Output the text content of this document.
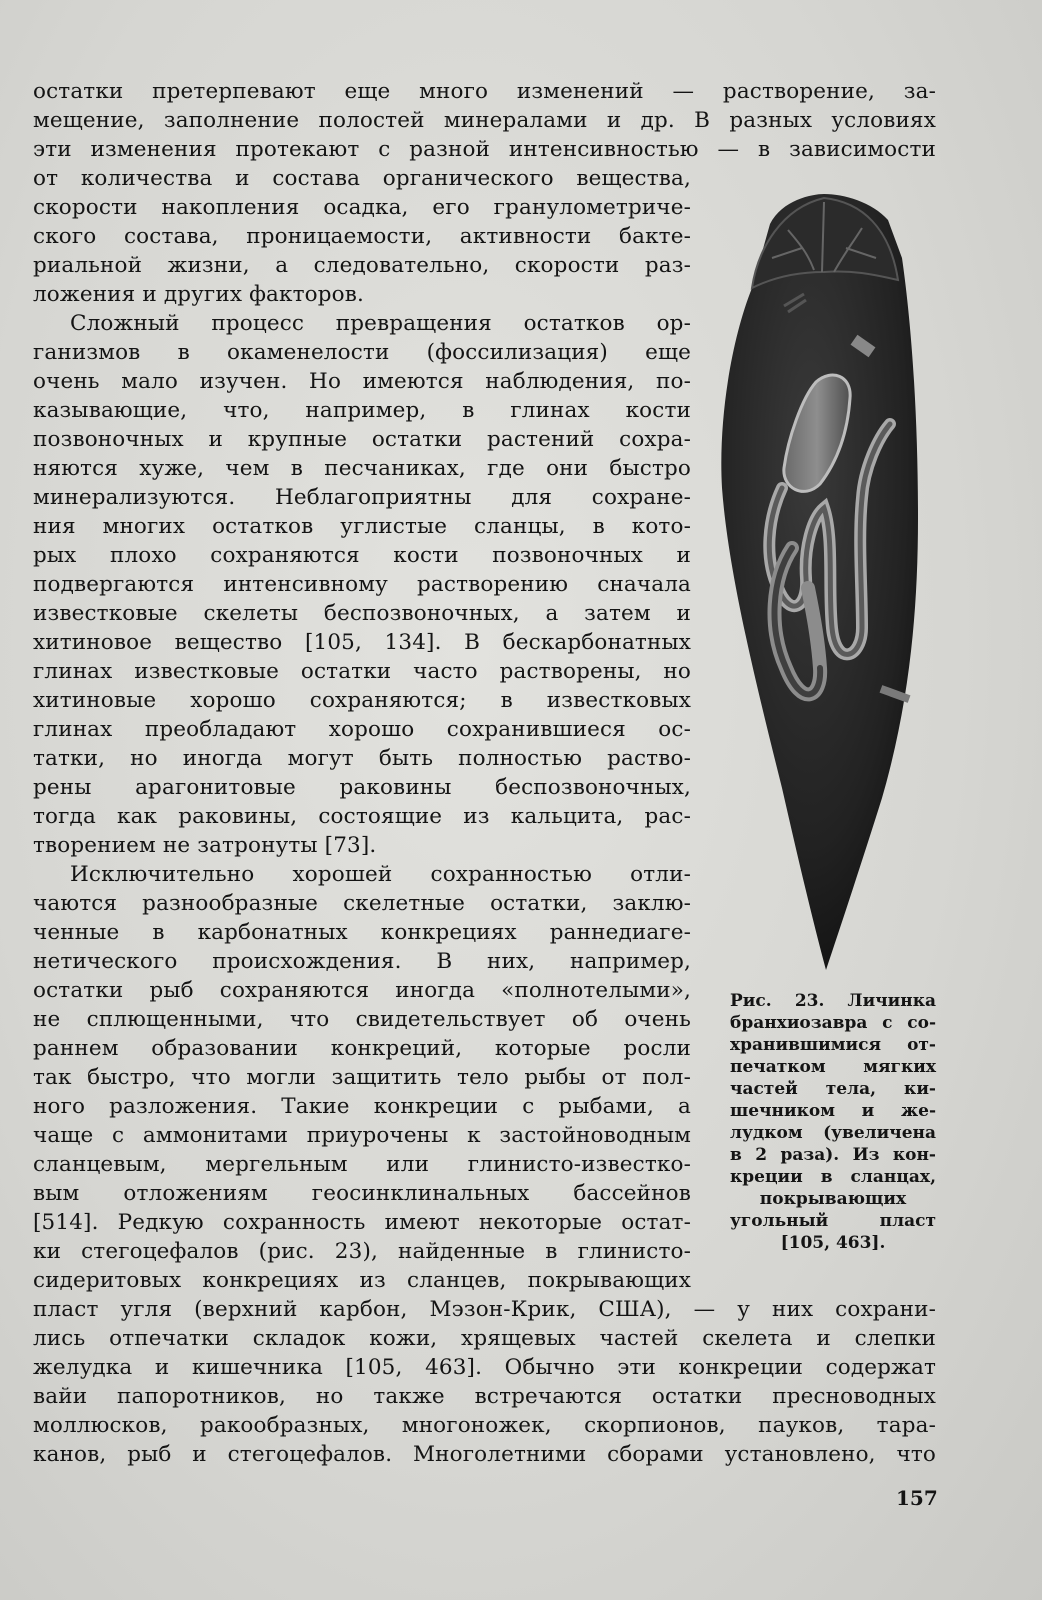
остатки претерпевают еще много изменений — растворение, за-
мещение, заполнение полостей минералами и др. В разных условиях
эти изменения протекают с разной интенсивностью — в зависимости
от количества и состава органического вещества,
скорости накопления осадка, его гранулометриче-
ского состава, проницаемости, активности бакте-
риальной жизни, а следовательно, скорости раз-
ложения и других факторов.
Сложный процесс превращения остатков ор-
ганизмов в окаменелости (фоссилизация) еще
очень мало изучен. Но имеются наблюдения, по-
казывающие, что, например, в глинах кости
позвоночных и крупные остатки растений сохра-
няются хуже, чем в песчаниках, где они быстро
минерализуются. Неблагоприятны для сохране-
ния многих остатков углистые сланцы, в кото-
рых плохо сохраняются кости позвоночных и
подвергаются интенсивному растворению сначала
известковые скелеты беспозвоночных, а затем и
хитиновое вещество [105, 134]. В бескарбонатных
глинах известковые остатки часто растворены, но
хитиновые хорошо сохраняются; в известковых
глинах преобладают хорошо сохранившиеся ос-
татки, но иногда могут быть полностью раство-
рены арагонитовые раковины беспозвоночных,
тогда как раковины, состоящие из кальцита, рас-
творением не затронуты [73].
Исключительно хорошей сохранностью отли-
чаются разнообразные скелетные остатки, заклю-
ченные в карбонатных конкрециях раннедиаге-
нетического происхождения. В них, например,
остатки рыб сохраняются иногда «полнотелыми»,
не сплющенными, что свидетельствует об очень
раннем образовании конкреций, которые росли
так быстро, что могли защитить тело рыбы от пол-
ного разложения. Такие конкреции с рыбами, а
чаще с аммонитами приурочены к застойноводным
сланцевым, мергельным или глинисто-известко-
вым отложениям геосинклинальных бассейнов
[514]. Редкую сохранность имеют некоторые остат-
ки стегоцефалов (рис. 23), найденные в глинисто-
сидеритовых конкрециях из сланцев, покрывающих
пласт угля (верхний карбон, Мэзон-Крик, США), — у них сохрани-
лись отпечатки складок кожи, хрящевых частей скелета и слепки
желудка и кишечника [105, 463]. Обычно эти конкреции содержат
вайи папоротников, но также встречаются остатки пресноводных
моллюсков, ракообразных, многоножек, скорпионов, пауков, тара-
канов, рыб и стегоцефалов. Многолетними сборами установлено, что
Рис. 23. Личинка
бранхиозавра с со-
хранившимися от-
печатком мягких
частей тела, ки-
шечником и же-
лудком (увеличена
в 2 раза). Из кон-
креции в сланцах,
покрывающих
угольный пласт
[105, 463].
157
